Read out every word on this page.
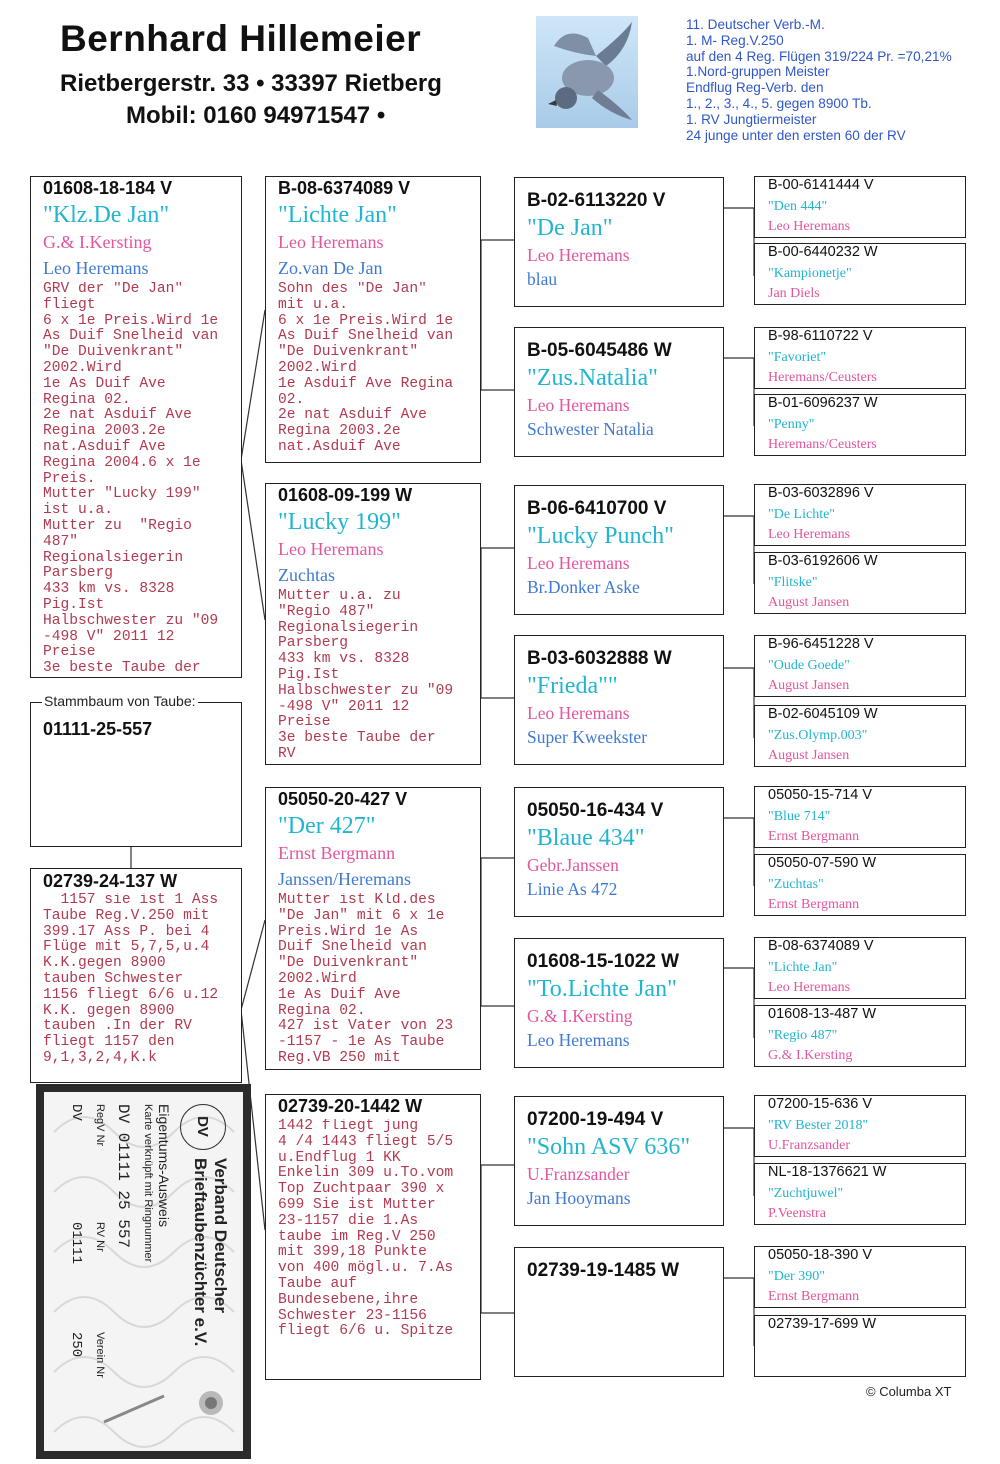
Bernhard Hillemeier
Rietbergerstr. 33 • 33397 Rietberg
Mobil: 0160 94971547 •
11. Deutscher Verb.-M.
1. M- Reg.V.250
auf den 4 Reg. Flügen 319/224 Pr. =70,21%
1.Nord-gruppen Meister
Endflug Reg-Verb. den
1., 2., 3., 4., 5. gegen 8900 Tb.
1. RV Jungtiermeister
24 junge unter den ersten 60 der RV
01608-18-184 V
"Klz.De Jan"
G.& I.Kersting
Leo Heremans
GRV der "De Jan"
fliegt
6 x 1e Preis.Wird 1e
As Duif Snelheid van
"De Duivenkrant"
2002.Wird
1e As Duif Ave
Regina 02.
2e nat Asduif Ave
Regina 2003.2e
nat.Asduif Ave
Regina 2004.6 x 1e
Preis.
Mutter "Lucky 199"
ist u.a.
Mutter zu  "Regio
487"
Regionalsiegerin
Parsberg
433 km vs. 8328
Pig.Ist
Halbschwester zu "09
-498 V" 2011 12
Preise
3e beste Taube der
Stammbaum von Taube:
01111-25-557
02739-24-137 W
1157 sie ist 1 Ass
Taube Reg.V.250 mit
399.17 Ass P. bei 4
Flüge mit 5,7,5,u.4
K.K.gegen 8900
tauben Schwester
1156 fliegt 6/6 u.12
K.K. gegen 8900
tauben .In der RV
fliegt 1157 den
9,1,3,2,4,K.k
B-08-6374089 V
"Lichte Jan"
Leo Heremans
Zo.van De Jan
Sohn des "De Jan"
mit u.a.
6 x 1e Preis.Wird 1e
As Duif Snelheid van
"De Duivenkrant"
2002.Wird
1e Asduif Ave Regina
02.
2e nat Asduif Ave
Regina 2003.2e
nat.Asduif Ave
01608-09-199 W
"Lucky 199"
Leo Heremans
Zuchtas
Mutter u.a. zu
"Regio 487"
Regionalsiegerin
Parsberg
433 km vs. 8328
Pig.Ist
Halbschwester zu "09
-498 V" 2011 12
Preise
3e beste Taube der
RV
05050-20-427 V
"Der 427"
Ernst Bergmann
Janssen/Heremans
Mutter ist Kld.des
"De Jan" mit 6 x 1e
Preis.Wird 1e As
Duif Snelheid van
"De Duivenkrant"
2002.Wird
1e As Duif Ave
Regina 02.
427 ist Vater von 23
-1157 - 1e As Taube
Reg.VB 250 mit
02739-20-1442 W
1442 fliegt jung
4 /4 1443 fliegt 5/5
u.Endflug 1 KK
Enkelin 309 u.To.vom
Top Zuchtpaar 390 x
699 Sie ist Mutter
23-1157 die 1.As
taube im Reg.V 250
mit 399,18 Punkte
von 400 mögl.u. 7.As
Taube auf
Bundesebene,ihre
Schwester 23-1156
fliegt 6/6 u. Spitze
B-02-6113220 V
"De Jan"
Leo Heremans
blau
B-05-6045486 W
"Zus.Natalia"
Leo Heremans
Schwester Natalia
B-06-6410700 V
"Lucky Punch"
Leo Heremans
Br.Donker Aske
B-03-6032888 W
"Frieda""
Leo Heremans
Super Kweekster
05050-16-434 V
"Blaue 434"
Gebr.Janssen
Linie As 472
01608-15-1022 W
"To.Lichte Jan"
G.& I.Kersting
Leo Heremans
07200-19-494 V
"Sohn ASV 636"
U.Franzsander
Jan Hooymans
02739-19-1485 W
B-00-6141444 V
"Den 444"
Leo Heremans
B-00-6440232 W
"Kampionetje"
Jan Diels
B-98-6110722 V
"Favoriet"
Heremans/Ceusters
B-01-6096237 W
"Penny"
Heremans/Ceusters
B-03-6032896 V
"De Lichte"
Leo Heremans
B-03-6192606 W
"Flitske"
August Jansen
B-96-6451228 V
"Oude Goede"
August Jansen
B-02-6045109 W
"Zus.Olymp.003"
August Jansen
05050-15-714 V
"Blue 714"
Ernst Bergmann
05050-07-590 W
"Zuchtas"
Ernst Bergmann
B-08-6374089 V
"Lichte Jan"
Leo Heremans
01608-13-487 W
"Regio 487"
G.& I.Kersting
07200-15-636 V
"RV Bester 2018"
U.Franzsander
NL-18-1376621 W
"Zuchtjuwel"
P.Veenstra
05050-18-390 V
"Der 390"
Ernst Bergmann
02739-17-699 W
© Columba XT
DV
Verband Deutscher
Brieftaubenzüchter e.V.
Eigentums-Ausweis
Karte verknüpft mit Ringnummer
DV 01111 25 557
RegV Nr
RV Nr
Verein Nr
DV
01111
250
